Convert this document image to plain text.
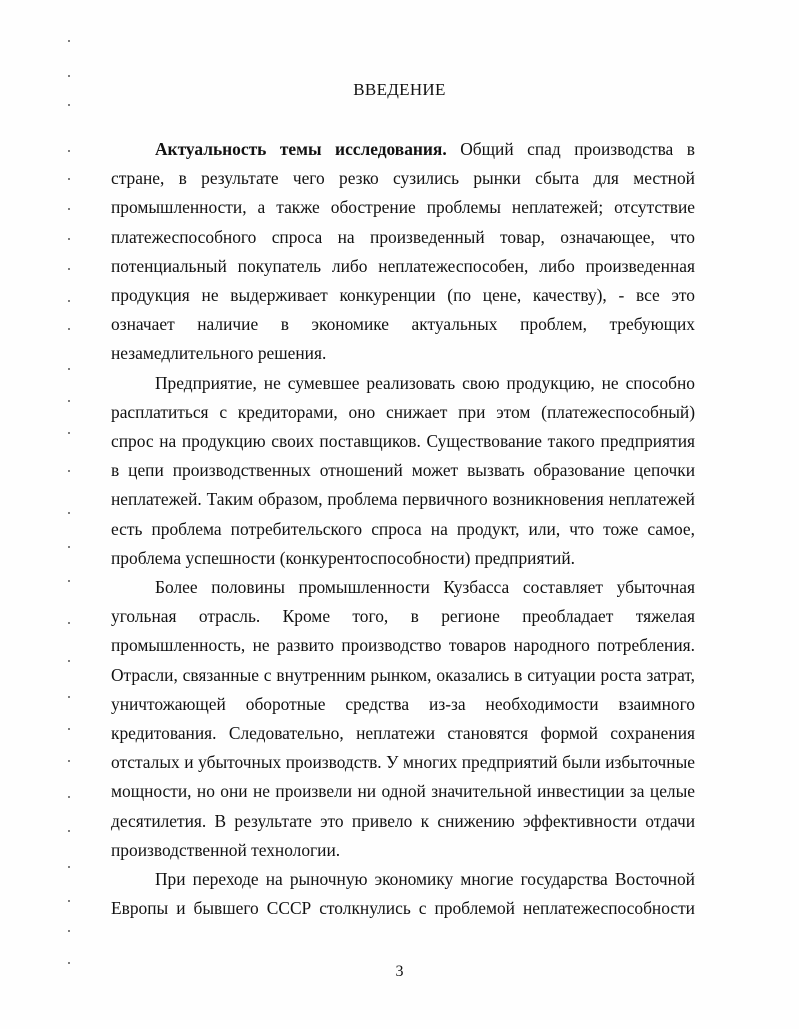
ВВЕДЕНИЕ

Актуальность темы исследования. Общий спад производства в стране, в результате чего резко сузились рынки сбыта для местной промышленности, а также обострение проблемы неплатежей; отсутствие платежеспособного спроса на произведенный товар, означающее, что потенциальный покупатель либо неплатежеспособен, либо произведенная продукция не выдерживает конкуренции (по цене, качеству), - все это означает наличие в экономике актуальных проблем, требующих незамедлительного решения.

Предприятие, не сумевшее реализовать свою продукцию, не способно расплатиться с кредиторами, оно снижает при этом (платежеспособный) спрос на продукцию своих поставщиков. Существование такого предприятия в цепи производственных отношений может вызвать образование цепочки неплатежей. Таким образом, проблема первичного возникновения неплатежей есть проблема потребительского спроса на продукт, или, что тоже самое, проблема успешности (конкурентоспособности) предприятий.

Более половины промышленности Кузбасса составляет убыточная угольная отрасль. Кроме того, в регионе преобладает тяжелая промышленность, не развито производство товаров народного потребления. Отрасли, связанные с внутренним рынком, оказались в ситуации роста затрат, уничтожающей оборотные средства из-за необходимости взаимного кредитования. Следовательно, неплатежи становятся формой сохранения отсталых и убыточных производств. У многих предприятий были избыточные мощности, но они не произвели ни одной значительной инвестиции за целые десятилетия. В результате это привело к снижению эффективности отдачи производственной технологии.

При переходе на рыночную экономику многие государства Восточной Европы и бывшего СССР столкнулись с проблемой неплатежеспособности

3
